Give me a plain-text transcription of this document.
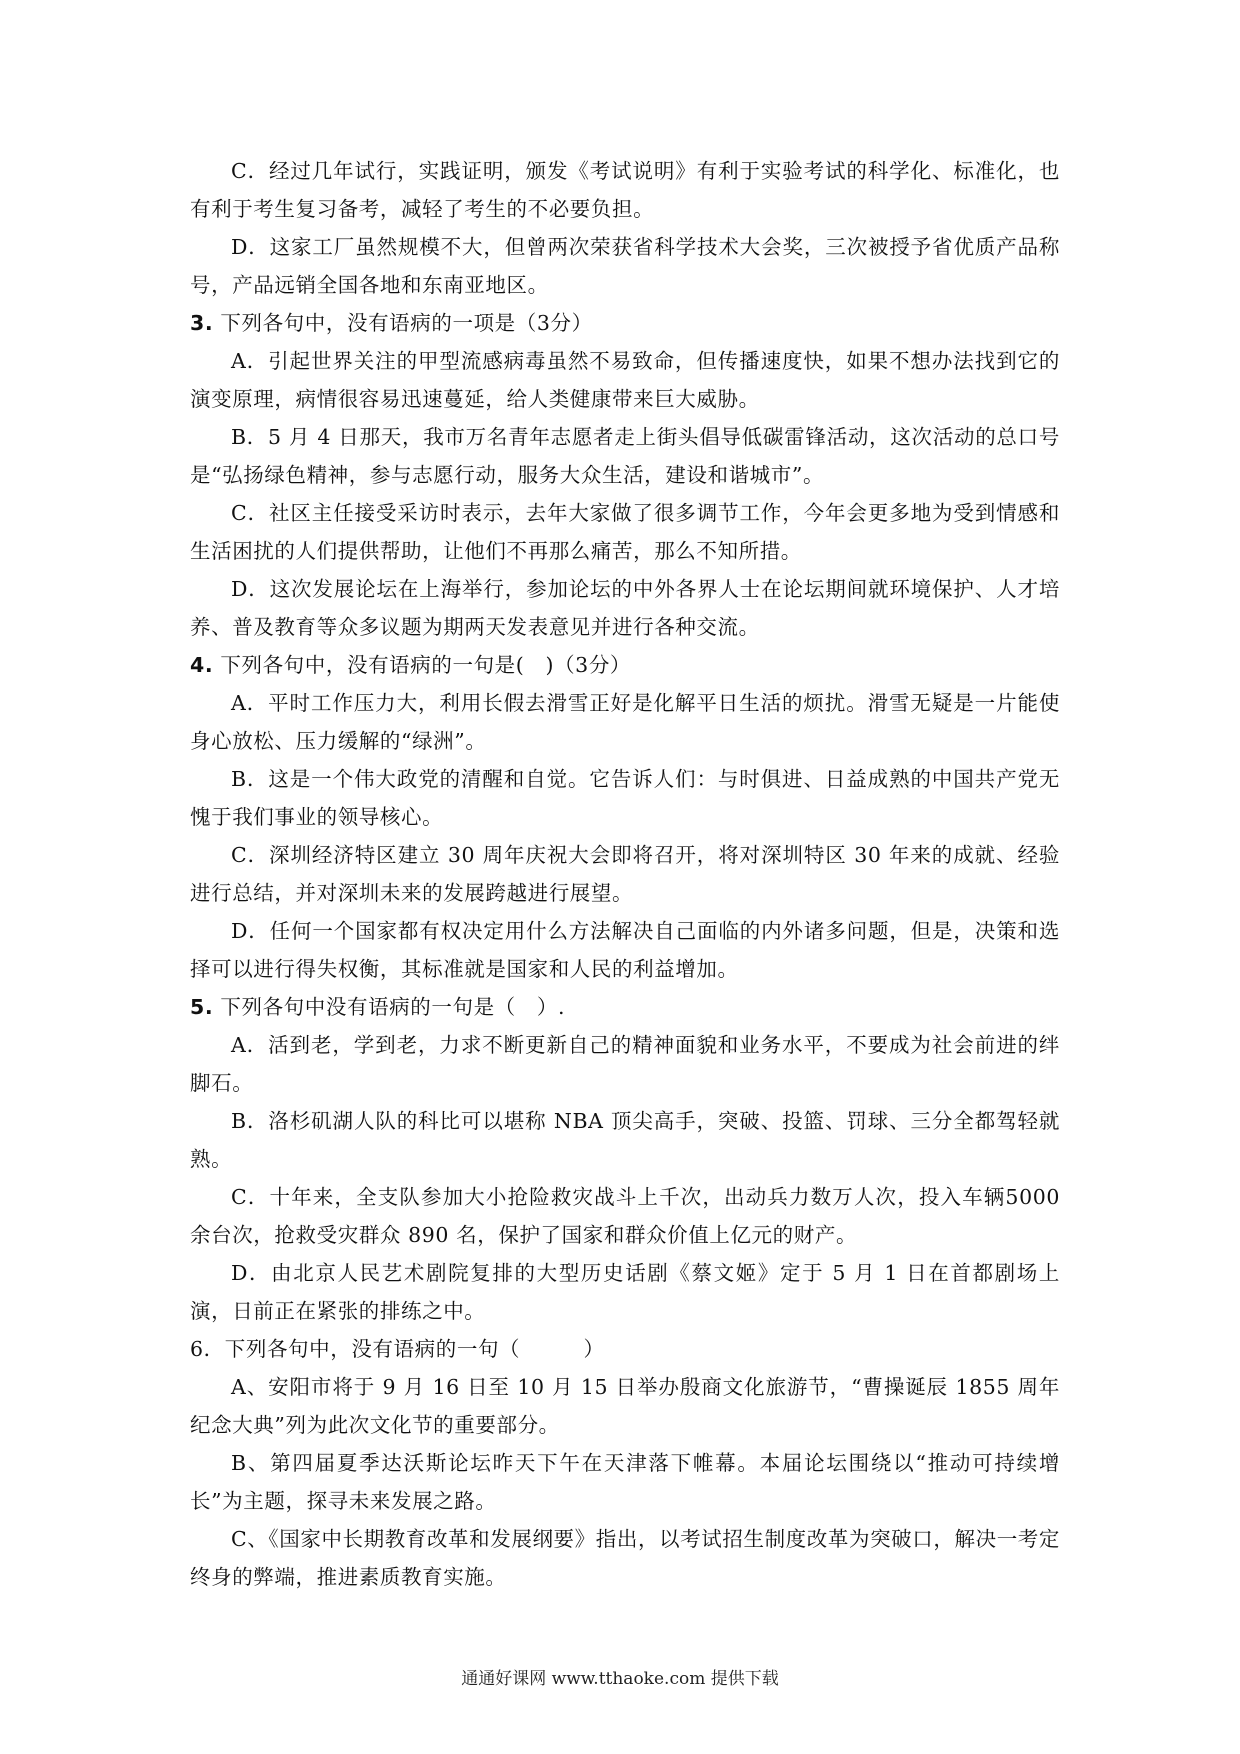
C．经过几年试行，实践证明，颁发《考试说明》有利于实验考试的科学化、标准化，也有利于考生复习备考，减轻了考生的不必要负担。

D．这家工厂虽然规模不大，但曾两次荣获省科学技术大会奖，三次被授予省优质产品称号，产品远销全国各地和东南亚地区。

3. 下列各句中，没有语病的一项是（3分）

A．引起世界关注的甲型流感病毒虽然不易致命，但传播速度快，如果不想办法找到它的演变原理，病情很容易迅速蔓延，给人类健康带来巨大威胁。

B．5 月 4 日那天，我市万名青年志愿者走上街头倡导低碳雷锋活动，这次活动的总口号是“弘扬绿色精神，参与志愿行动，服务大众生活，建设和谐城市”。

C．社区主任接受采访时表示，去年大家做了很多调节工作，今年会更多地为受到情感和生活困扰的人们提供帮助，让他们不再那么痛苦，那么不知所措。

D．这次发展论坛在上海举行，参加论坛的中外各界人士在论坛期间就环境保护、人才培养、普及教育等众多议题为期两天发表意见并进行各种交流。

4. 下列各句中，没有语病的一句是(　)（3分）

A．平时工作压力大，利用长假去滑雪正好是化解平日生活的烦扰。滑雪无疑是一片能使身心放松、压力缓解的“绿洲”。

B．这是一个伟大政党的清醒和自觉。它告诉人们：与时俱进、日益成熟的中国共产党无愧于我们事业的领导核心。

C．深圳经济特区建立 30 周年庆祝大会即将召开，将对深圳特区 30 年来的成就、经验进行总结，并对深圳未来的发展跨越进行展望。

D．任何一个国家都有权决定用什么方法解决自己面临的内外诸多问题，但是，决策和选择可以进行得失权衡，其标准就是国家和人民的利益增加。

5. 下列各句中没有语病的一句是（　）.

A．活到老，学到老，力求不断更新自己的精神面貌和业务水平，不要成为社会前进的绊脚石。

B．洛杉矶湖人队的科比可以堪称 NBA 顶尖高手，突破、投篮、罚球、三分全都驾轻就熟。

C．十年来，全支队参加大小抢险救灾战斗上千次，出动兵力数万人次，投入车辆5000 余台次，抢救受灾群众 890 名，保护了国家和群众价值上亿元的财产。

D．由北京人民艺术剧院复排的大型历史话剧《蔡文姬》定于 5 月 1 日在首都剧场上演，日前正在紧张的排练之中。

6．下列各句中，没有语病的一句（　　　）

A、安阳市将于 9 月 16 日至 10 月 15 日举办殷商文化旅游节，“曹操诞辰 1855 周年纪念大典”列为此次文化节的重要部分。

B、第四届夏季达沃斯论坛昨天下午在天津落下帷幕。本届论坛围绕以“推动可持续增长”为主题，探寻未来发展之路。

C、《国家中长期教育改革和发展纲要》指出，以考试招生制度改革为突破口，解决一考定终身的弊端，推进素质教育实施。

通通好课网 www.tthaoke.com 提供下载
